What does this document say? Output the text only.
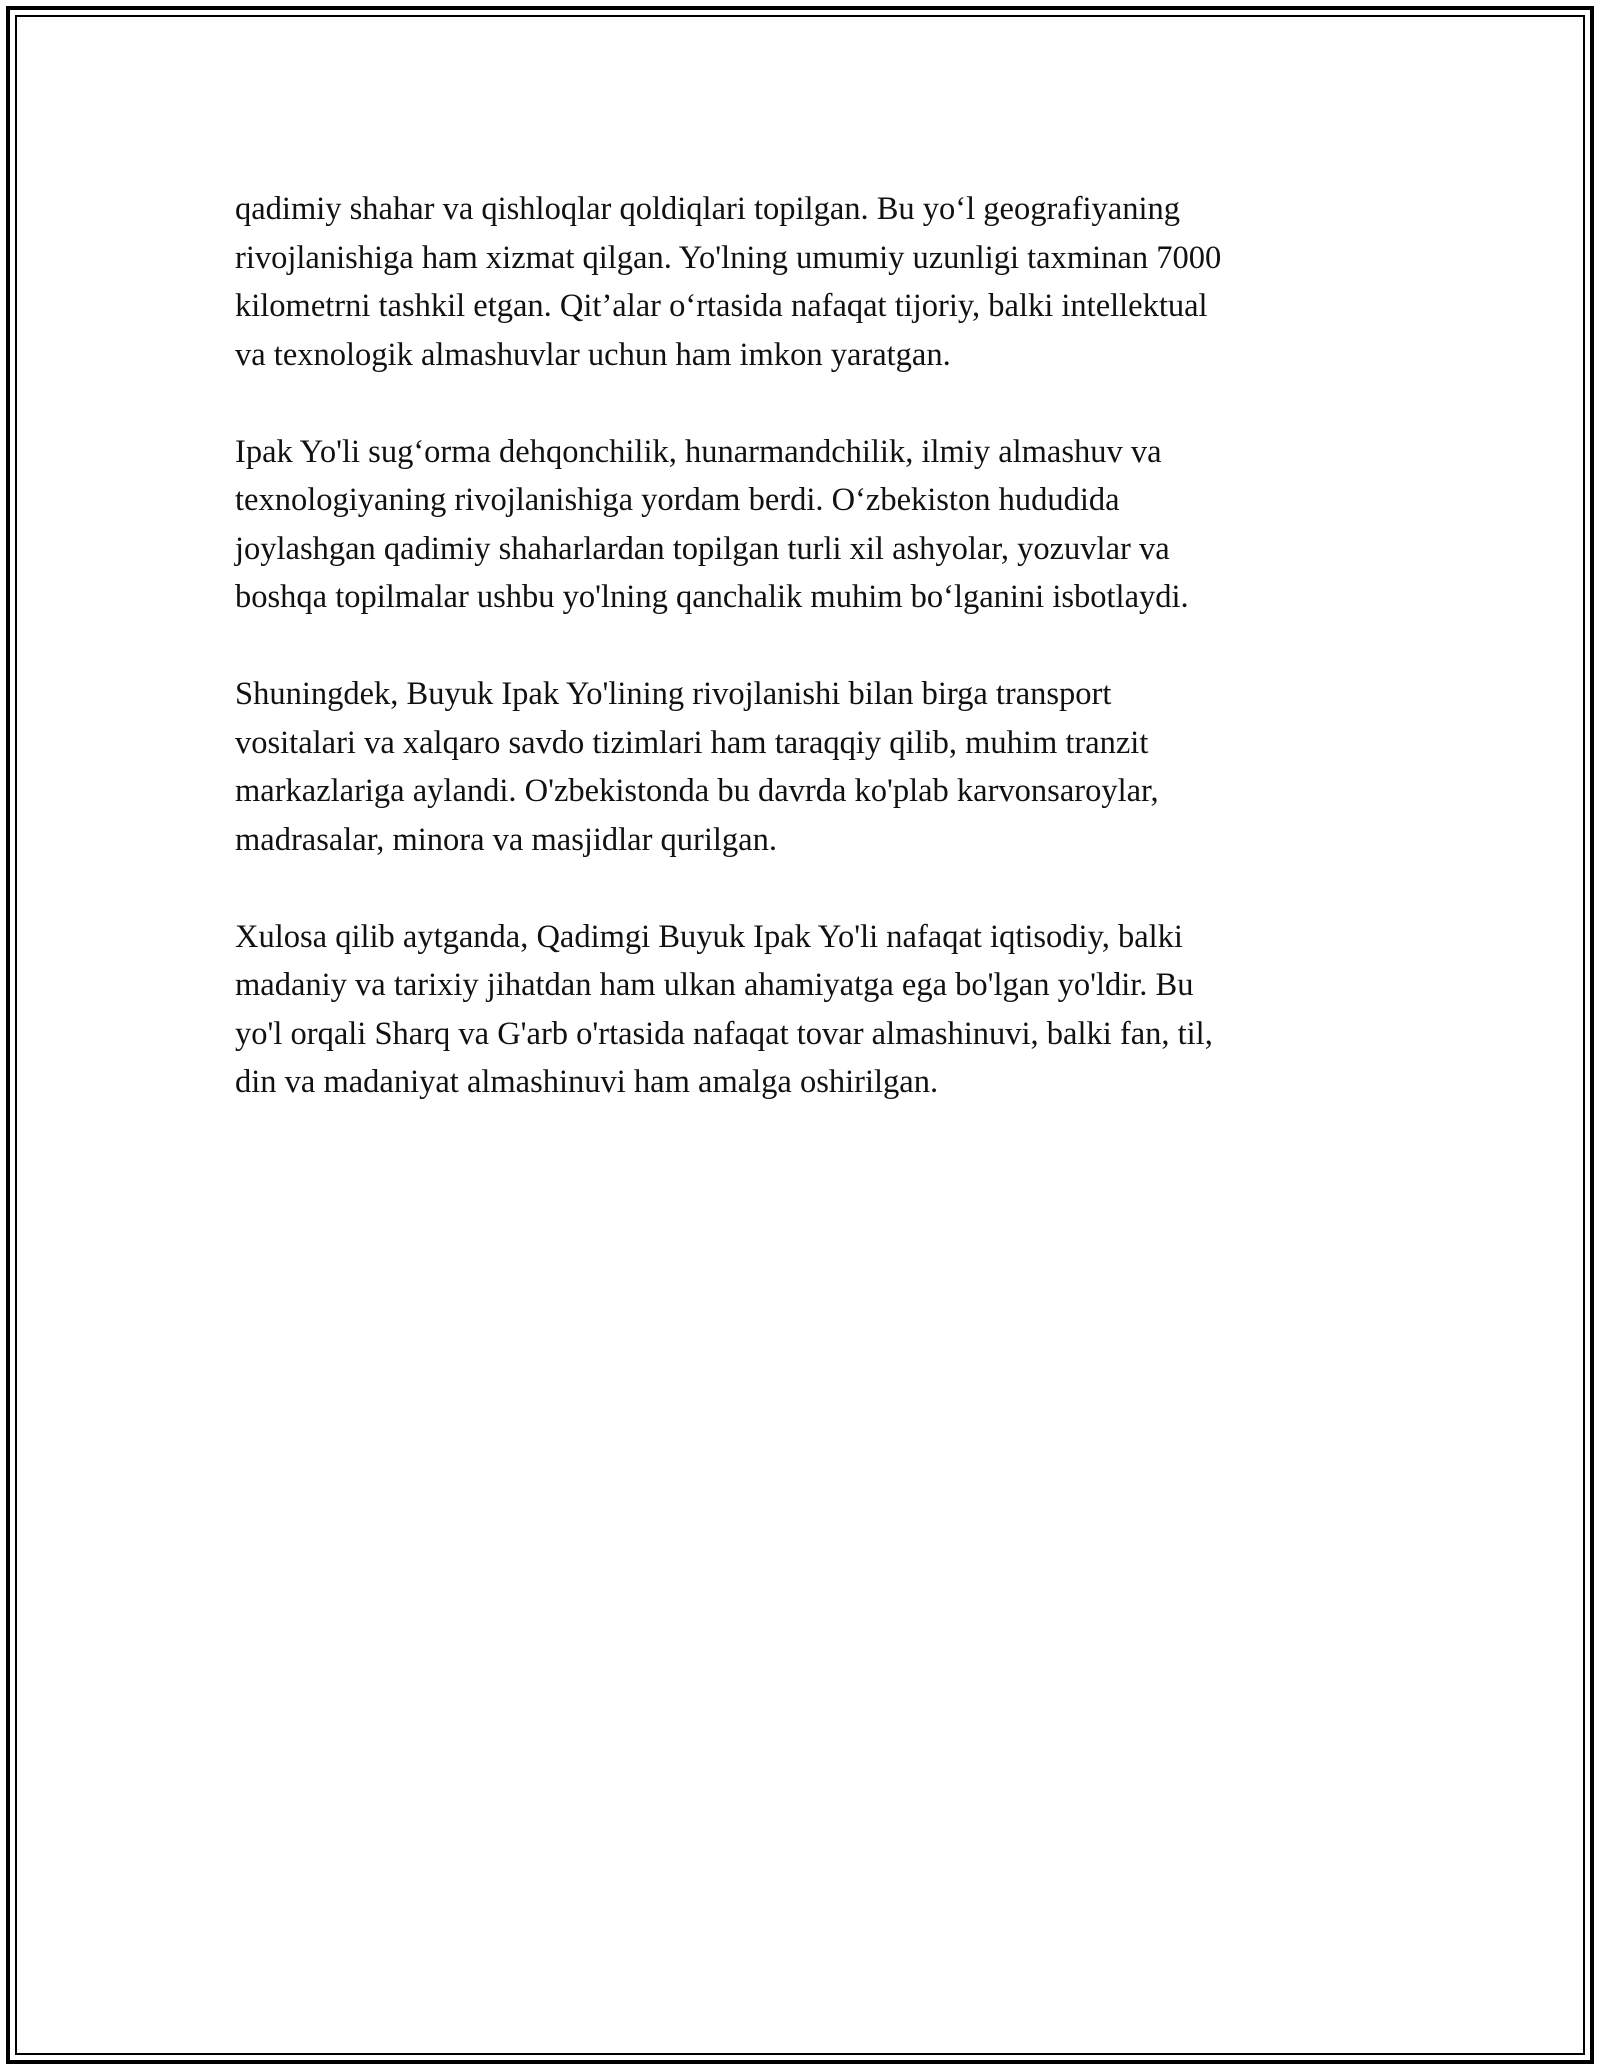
qadimiy shahar va qishloqlar qoldiqlari topilgan. Bu yo‘l geografiyaning
rivojlanishiga ham xizmat qilgan. Yo'lning umumiy uzunligi taxminan 7000
kilometrni tashkil etgan. Qit’alar o‘rtasida nafaqat tijoriy, balki intellektual
va texnologik almashuvlar uchun ham imkon yaratgan.

Ipak Yo'li sug‘orma dehqonchilik, hunarmandchilik, ilmiy almashuv va
texnologiyaning rivojlanishiga yordam berdi. O‘zbekiston hududida
joylashgan qadimiy shaharlardan topilgan turli xil ashyolar, yozuvlar va
boshqa topilmalar ushbu yo'lning qanchalik muhim bo‘lganini isbotlaydi.

Shuningdek, Buyuk Ipak Yo'lining rivojlanishi bilan birga transport
vositalari va xalqaro savdo tizimlari ham taraqqiy qilib, muhim tranzit
markazlariga aylandi. O'zbekistonda bu davrda ko'plab karvonsaroylar,
madrasalar, minora va masjidlar qurilgan.

Xulosa qilib aytganda, Qadimgi Buyuk Ipak Yo'li nafaqat iqtisodiy, balki
madaniy va tarixiy jihatdan ham ulkan ahamiyatga ega bo'lgan yo'ldir. Bu
yo'l orqali Sharq va G'arb o'rtasida nafaqat tovar almashinuvi, balki fan, til,
din va madaniyat almashinuvi ham amalga oshirilgan.
